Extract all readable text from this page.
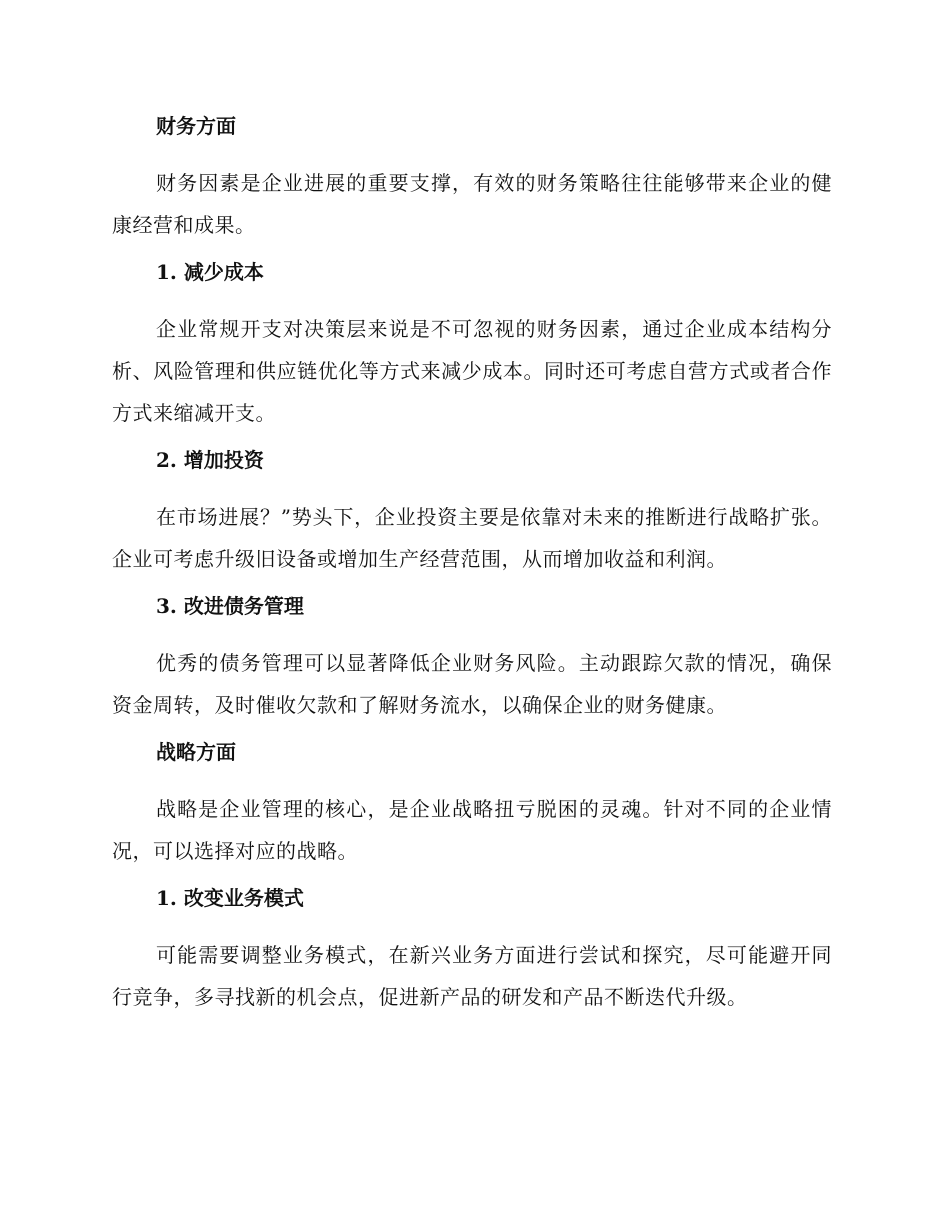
财务方面

财务因素是企业进展的重要支撑，有效的财务策略往往能够带来企业的健康经营和成果。

1. 减少成本

企业常规开支对决策层来说是不可忽视的财务因素，通过企业成本结构分析、风险管理和供应链优化等方式来减少成本。同时还可考虑自营方式或者合作方式来缩减开支。

2. 增加投资

在市场进展？”势头下，企业投资主要是依靠对未来的推断进行战略扩张。企业可考虑升级旧设备或增加生产经营范围，从而增加收益和利润。

3. 改进债务管理

优秀的债务管理可以显著降低企业财务风险。主动跟踪欠款的情况，确保资金周转，及时催收欠款和了解财务流水，以确保企业的财务健康。

战略方面

战略是企业管理的核心，是企业战略扭亏脱困的灵魂。针对不同的企业情况，可以选择对应的战略。

1. 改变业务模式

可能需要调整业务模式，在新兴业务方面进行尝试和探究，尽可能避开同行竞争，多寻找新的机会点，促进新产品的研发和产品不断迭代升级。
